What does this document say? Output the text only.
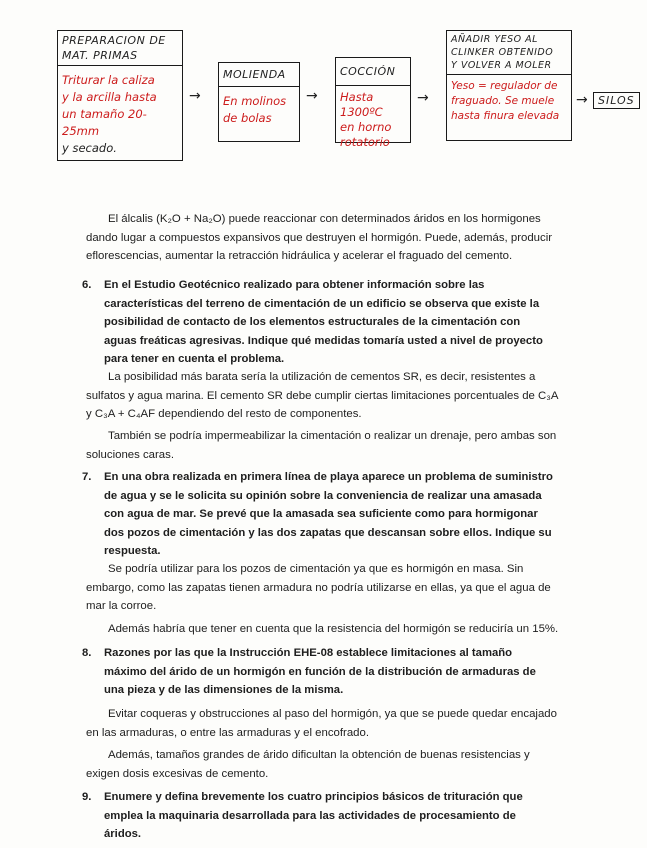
PREPARACION DE
MAT. PRIMAS
Triturar la caliza
y la arcilla hasta
un tamaño 20-25mm
y secado.
→
MOLIENDA
En molinos
de bolas
→
COCCIÓN
Hasta 1300ºC
en horno
rotatorio
→
AÑADIR YESO AL
CLINKER OBTENIDO
Y VOLVER A MOLER
Yeso = regulador de
fraguado. Se muele
hasta finura elevada
→ SILOS
El álcalis (K₂O + Na₂O) puede reaccionar con determinados áridos en los hormigones dando lugar a compuestos expansivos que destruyen el hormigón. Puede, además, producir eflorescencias, aumentar la retracción hidráulica y acelerar el fraguado del cemento.
6. En el Estudio Geotécnico realizado para obtener información sobre las características del terreno de cimentación de un edificio se observa que existe la posibilidad de contacto de los elementos estructurales de la cimentación con aguas freáticas agresivas. Indique qué medidas tomaría usted a nivel de proyecto para tener en cuenta el problema.
La posibilidad más barata sería la utilización de cementos SR, es decir, resistentes a sulfatos y agua marina. El cemento SR debe cumplir ciertas limitaciones porcentuales de C₃A y C₃A + C₄AF dependiendo del resto de componentes.
También se podría impermeabilizar la cimentación o realizar un drenaje, pero ambas son soluciones caras.
7. En una obra realizada en primera línea de playa aparece un problema de suministro de agua y se le solicita su opinión sobre la conveniencia de realizar una amasada con agua de mar. Se prevé que la amasada sea suficiente como para hormigonar dos pozos de cimentación y las dos zapatas que descansan sobre ellos. Indique su respuesta.
Se podría utilizar para los pozos de cimentación ya que es hormigón en masa. Sin embargo, como las zapatas tienen armadura no podría utilizarse en ellas, ya que el agua de mar la corroe.
Además habría que tener en cuenta que la resistencia del hormigón se reduciría un 15%.
8. Razones por las que la Instrucción EHE-08 establece limitaciones al tamaño máximo del árido de un hormigón en función de la distribución de armaduras de una pieza y de las dimensiones de la misma.
Evitar coqueras y obstrucciones al paso del hormigón, ya que se puede quedar encajado en las armaduras, o entre las armaduras y el encofrado.
Además, tamaños grandes de árido dificultan la obtención de buenas resistencias y exigen dosis excesivas de cemento.
9. Enumere y defina brevemente los cuatro principios básicos de trituración que emplea la maquinaria desarrollada para las actividades de procesamiento de áridos.
